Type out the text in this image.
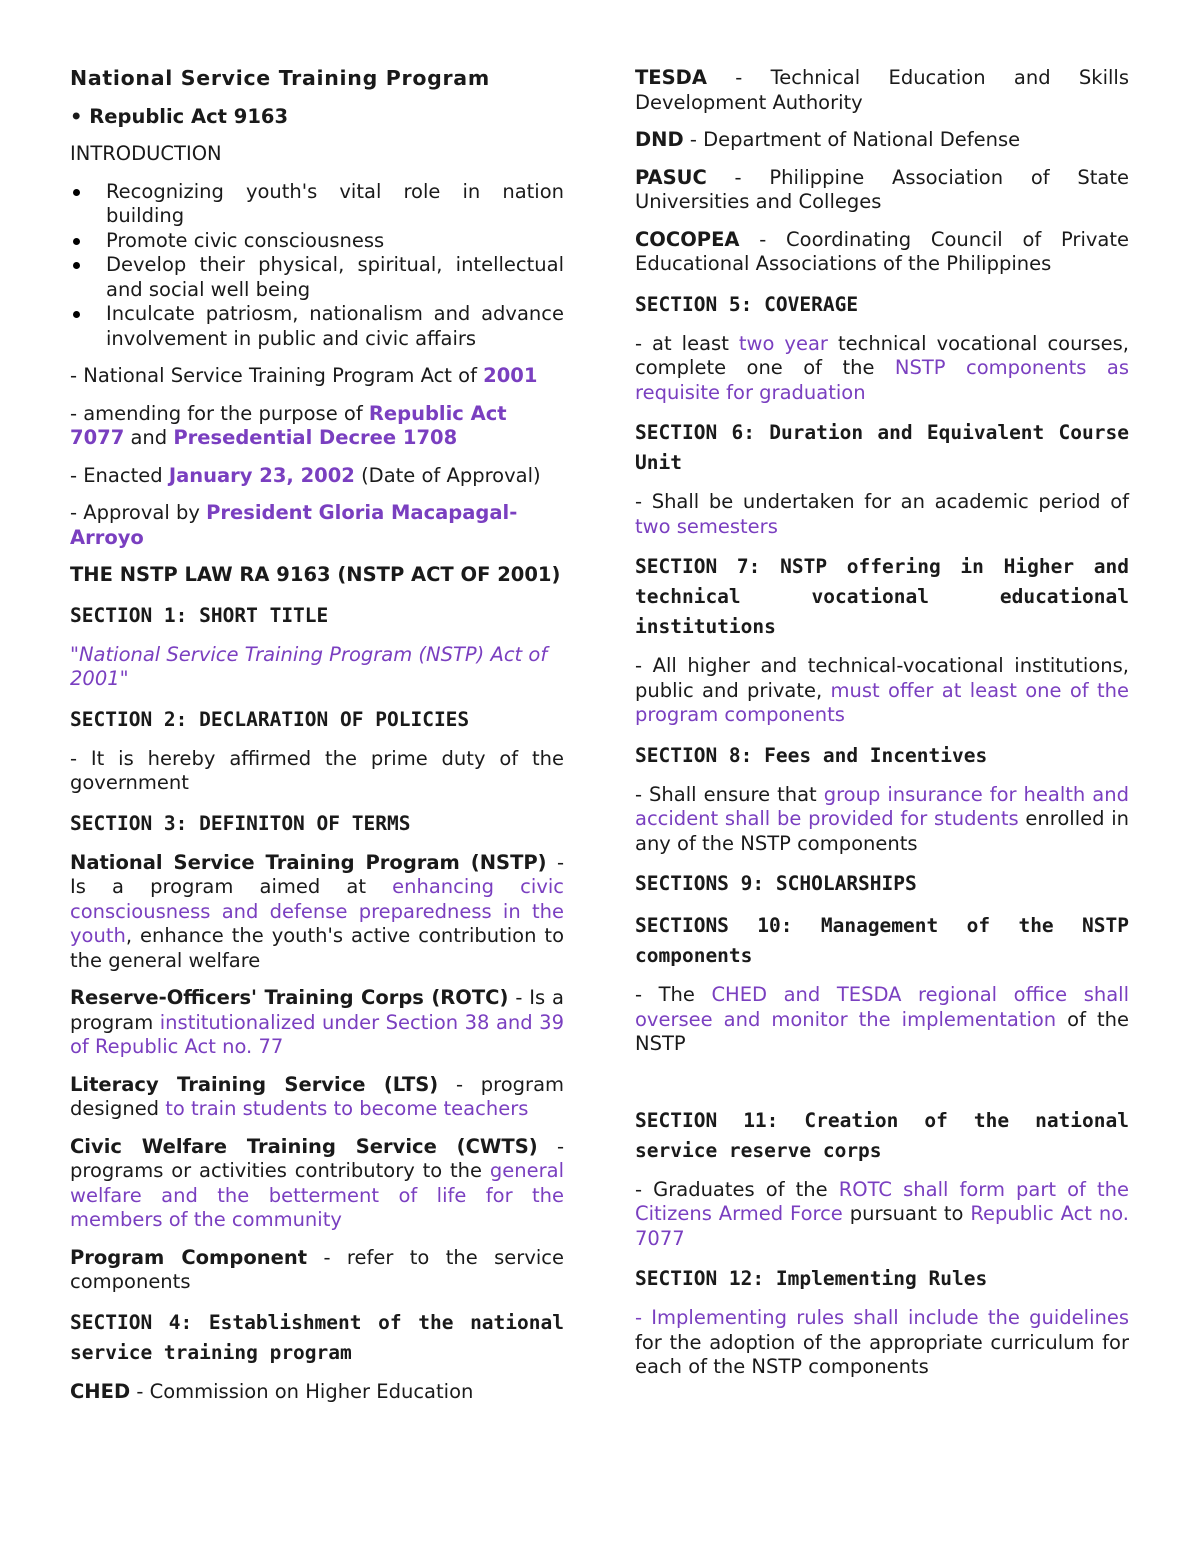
National Service Training Program

• Republic Act 9163

INTRODUCTION

Recognizing youth's vital role in nation building
Promote civic consciousness
Develop their physical, spiritual, intellectual and social well being
Inculcate patriosm, nationalism and advance involvement in public and civic affairs

- National Service Training Program Act of 2001

- amending for the purpose of Republic Act 7077 and Presedential Decree 1708

- Enacted January 23, 2002 (Date of Approval)

- Approval by President Gloria Macapagal-Arroyo

THE NSTP LAW RA 9163 (NSTP ACT OF 2001)

SECTION 1: SHORT TITLE

"National Service Training Program (NSTP) Act of 2001"

SECTION 2: DECLARATION OF POLICIES

- It is hereby affirmed the prime duty of the government

SECTION 3: DEFINITON OF TERMS

National Service Training Program (NSTP) - Is a program aimed at enhancing civic consciousness and defense preparedness in the youth, enhance the youth's active contribution to the general welfare

Reserve-Officers' Training Corps (ROTC) - Is a program institutionalized under Section 38 and 39 of Republic Act no. 77

Literacy Training Service (LTS) - program designed to train students to become teachers

Civic Welfare Training Service (CWTS) - programs or activities contributory to the general welfare and the betterment of life for the members of the community

Program Component - refer to the service components

SECTION 4: Establishment of the national service training program

CHED - Commission on Higher Education

TESDA - Technical Education and Skills Development Authority

DND - Department of National Defense

PASUC - Philippine Association of State Universities and Colleges

COCOPEA - Coordinating Council of Private Educational Associations of the Philippines

SECTION 5: COVERAGE

- at least two year technical vocational courses, complete one of the NSTP components as requisite for graduation

SECTION 6: Duration and Equivalent Course Unit

- Shall be undertaken for an academic period of two semesters

SECTION 7: NSTP offering in Higher and technical vocational educational institutions

- All higher and technical-vocational institutions, public and private, must offer at least one of the program components

SECTION 8: Fees and Incentives

- Shall ensure that group insurance for health and accident shall be provided for students enrolled in any of the NSTP components

SECTIONS 9: SCHOLARSHIPS

SECTIONS 10: Management of the NSTP components

- The CHED and TESDA regional office shall oversee and monitor the implementation of the NSTP

SECTION 11: Creation of the national service reserve corps

- Graduates of the ROTC shall form part of the Citizens Armed Force pursuant to Republic Act no. 7077

SECTION 12: Implementing Rules

- Implementing rules shall include the guidelines for the adoption of the appropriate curriculum for each of the NSTP components
